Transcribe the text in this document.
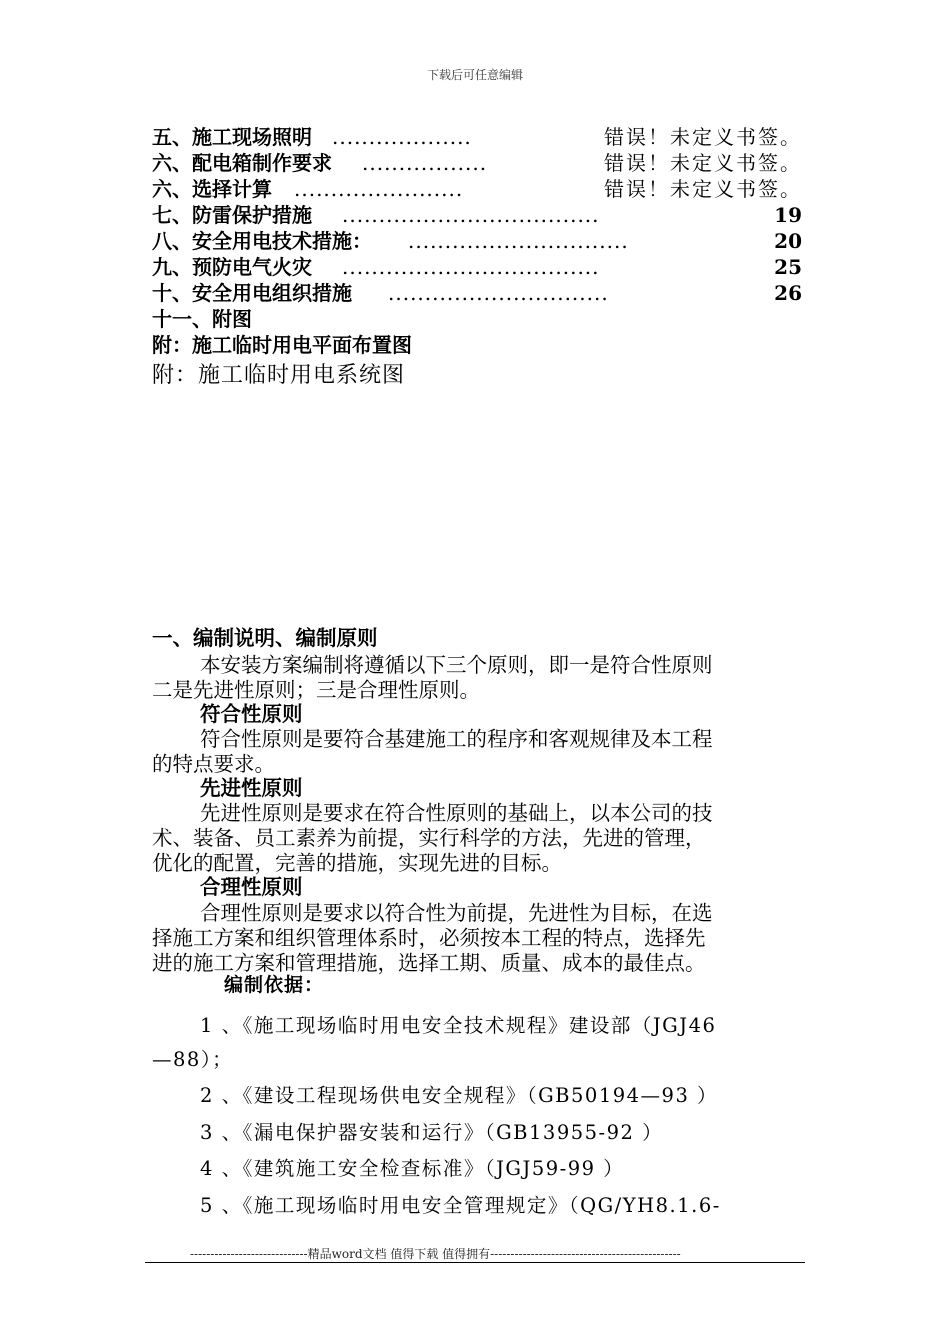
下载后可任意编辑
五、施工现场照明 ...................	错误！未定义书签。
六、配电箱制作要求 .................	错误！未定义书签。
六、选择计算 .......................	错误！未定义书签。
七、防雷保护措施 ...................................	19
八、安全用电技术措施： ..............................	20
九、预防电气火灾 ...................................	25
十、安全用电组织措施 ..............................	26
十一、附图
附：施工临时用电平面布置图
附：施工临时用电系统图
一、编制说明、编制原则
本安装方案编制将遵循以下三个原则，即一是符合性原则
二是先进性原则；三是合理性原则。
符合性原则
符合性原则是要符合基建施工的程序和客观规律及本工程
的特点要求。
先进性原则
先进性原则是要求在符合性原则的基础上，以本公司的技
术、装备、员工素养为前提，实行科学的方法，先进的管理，
优化的配置，完善的措施，实现先进的目标。
合理性原则
合理性原则是要求以符合性为前提，先进性为目标，在选
择施工方案和组织管理体系时，必须按本工程的特点，选择先
进的施工方案和管理措施，选择工期、质量、成本的最佳点。
编制依据：
1 、《施工现场临时用电安全技术规程》建设部（JGJ46
—88）；
2 、《建设工程现场供电安全规程》（GB50194—93 ）
3 、《漏电保护器安装和运行》（GB13955-92 ）
4 、《建筑施工安全检查标准》（JGJ59-99 ）
5 、《施工现场临时用电安全管理规定》（QG/YH8.1.6-
-----------------------------精品word文档 值得下载 值得拥有-----------------------------------------------
